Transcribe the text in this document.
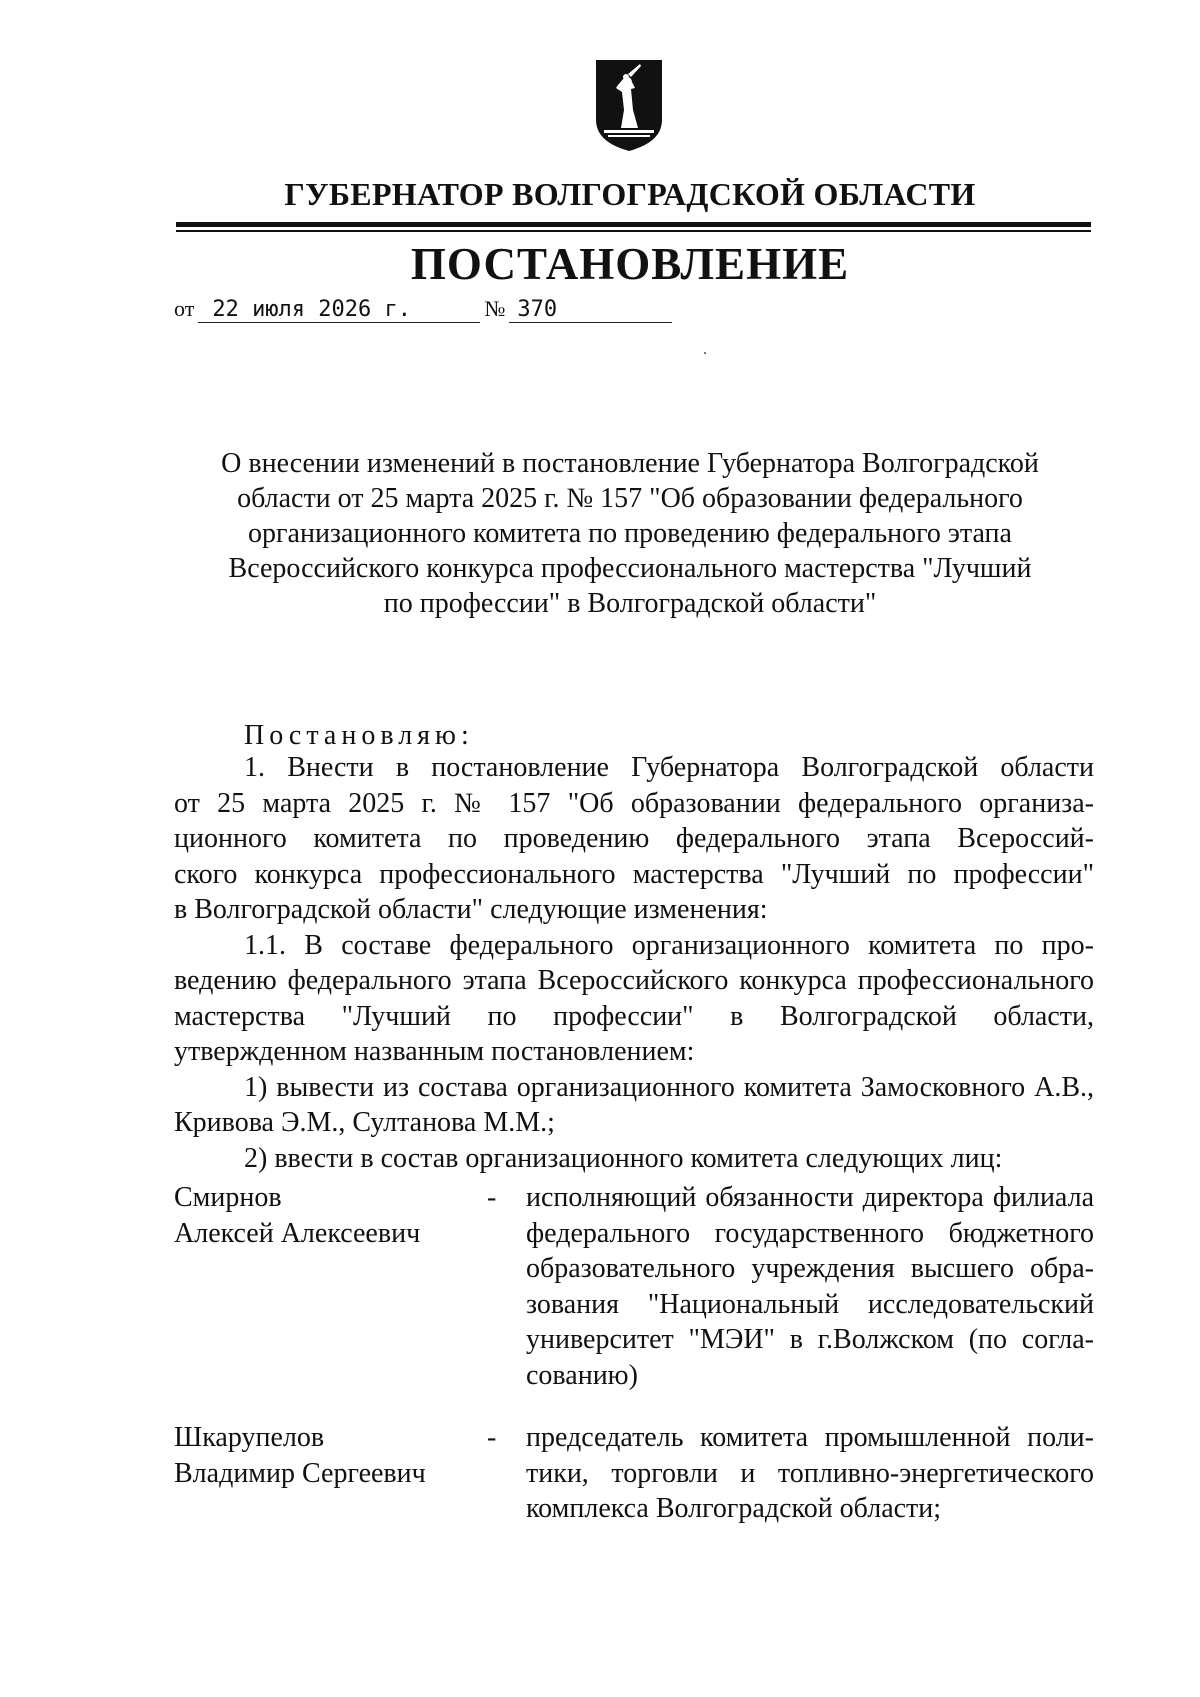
ГУБЕРНАТОР ВОЛГОГРАДСКОЙ ОБЛАСТИ
ПОСТАНОВЛЕНИЕ
от 22 июля 2026 г.	№ 370
О внесении изменений в постановление Губернатора Волгоградской
области от 25 марта 2025 г. № 157 "Об образовании федерального
организационного комитета по проведению федерального этапа
Всероссийского конкурса профессионального мастерства "Лучший
по профессии" в Волгоградской области"
Постановляю:
1. Внести в постановление Губернатора Волгоградской области
от 25 марта 2025 г. № 157 "Об образовании федерального организа-
ционного комитета по проведению федерального этапа Всероссий-
ского конкурса профессионального мастерства "Лучший по профессии"
в Волгоградской области" следующие изменения:
1.1. В составе федерального организационного комитета по про-
ведению федерального этапа Всероссийского конкурса профессионального
мастерства "Лучший по профессии" в Волгоградской области,
утвержденном названным постановлением:
1) вывести из состава организационного комитета Замосковного А.В.,
Кривова Э.М., Султанова М.М.;
2) ввести в состав организационного комитета следующих лиц:
Смирнов
Алексей Алексеевич
- исполняющий обязанности директора филиала
федерального государственного бюджетного
образовательного учреждения высшего обра-
зования "Национальный исследовательский
университет "МЭИ" в г.Волжском (по согла-
сованию)
Шкарупелов
Владимир Сергеевич
- председатель комитета промышленной поли-
тики, торговли и топливно-энергетического
комплекса Волгоградской области;
